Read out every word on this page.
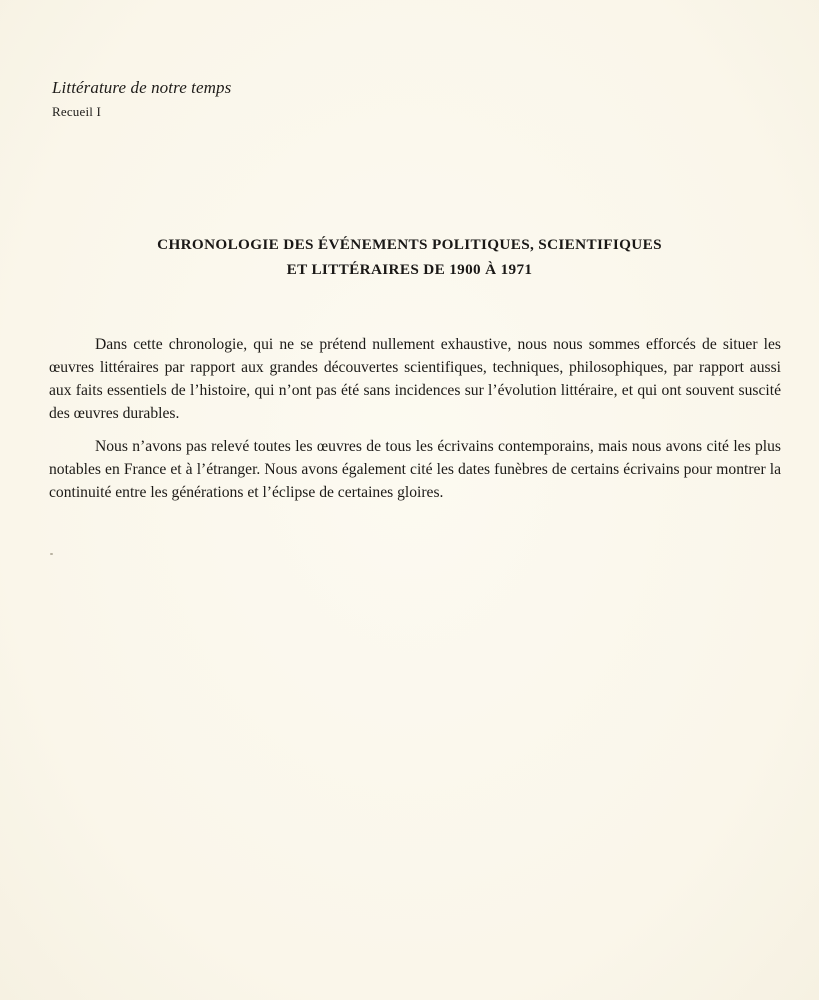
Littérature de notre temps
Recueil I
CHRONOLOGIE DES ÉVÉNEMENTS POLITIQUES, SCIENTIFIQUES
ET LITTÉRAIRES DE 1900 À 1971

Dans cette chronologie, qui ne se prétend nullement exhaustive, nous nous sommes efforcés de situer les œuvres littéraires par rapport aux grandes découvertes scientifiques, techniques, philosophiques, par rapport aussi aux faits essentiels de l’histoire, qui n’ont pas été sans incidences sur l’évolution littéraire, et qui ont souvent suscité des œuvres durables.

Nous n’avons pas relevé toutes les œuvres de tous les écrivains contemporains, mais nous avons cité les plus notables en France et à l’étranger. Nous avons également cité les dates funèbres de certains écrivains pour montrer la continuité entre les générations et l’éclipse de certaines gloires.
